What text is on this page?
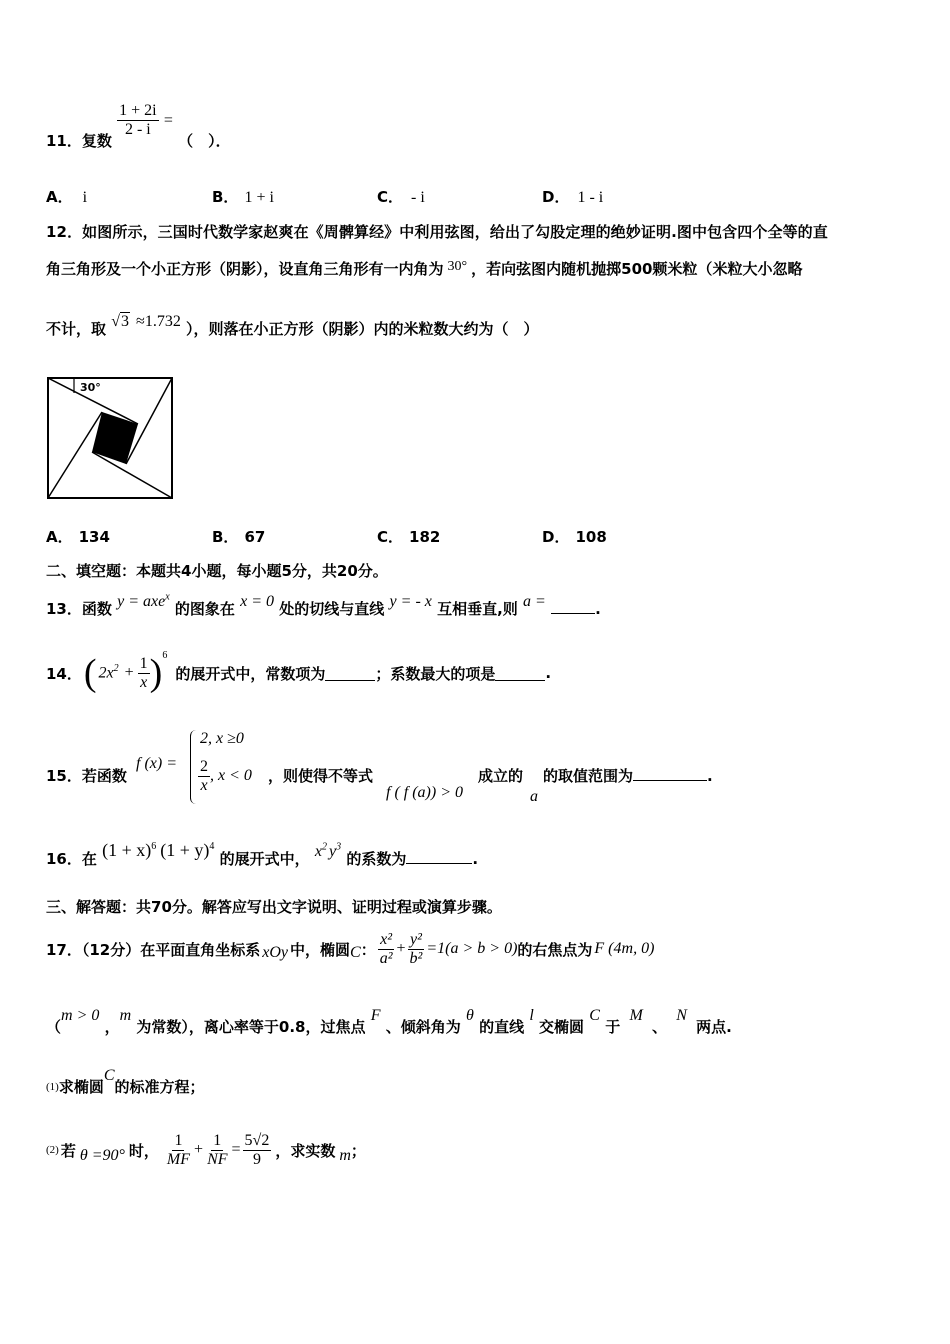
11．复数
$\frac{1 + 2i}{2 - i}$ = （　）．
A． i	B． 1 + i	C． - i	D． 1 - i
12．如图所示，三国时代数学家赵爽在《周髀算经》中利用弦图，给出了勾股定理的绝妙证明.图中包含四个全等的直
角三角形及一个小正方形（阴影），设直角三角形有一内角为 30° ，若向弦图内随机抛掷500颗米粒（米粒大小忽略
不计，取 √3 ≈1.732 ），则落在小正方形（阴影）内的米粒数大约为（　）
30°
A． 134	B． 67	C． 182	D． 108
二、填空题：本题共4小题，每小题5分，共20分。
13．函数 y = axe$^x$ 的图象在 x = 0 处的切线与直线 y = - x 互相垂直,则 a =	.
14． ( $2x^2 + \frac{1}{x}$ ) 6
的展开式中，常数项为	；系数最大的项是	.
15．若函数
f (x) =
2, x ≥0
$\frac{2}{x}$ , x < 0 ，则使得不等式
f ( f (a)) > 0
成立的
a
的取值范围为	.
16．在 $(1 + x)^6$ $(1 + y)^4$ 的展开式中， $x^2$ $y^3$ 的系数为	.
三、解答题：共70分。解答应写出文字说明、证明过程或演算步骤。
17．（12分）在平面直角坐标系 xOy 中，椭圆 C ： $\frac{\text{x²}}{\text{a²}} + \frac{\text{y²}}{\text{b²}} =1(a > b > 0)$ 的右焦点为 F (4m, 0)
（m > 0 ，m 为常数），离心率等于0.8，过焦点 F 、倾斜角为 θ 的直线 l 交椭圆 C 于 M 、 N 两点.
$_{(1)}$求椭圆C的标准方程；
(2) 若 θ =90° 时， $\frac{1}{MF} + \frac{1}{NF} = \frac{5√2}{9}$ ，求实数 m ；
